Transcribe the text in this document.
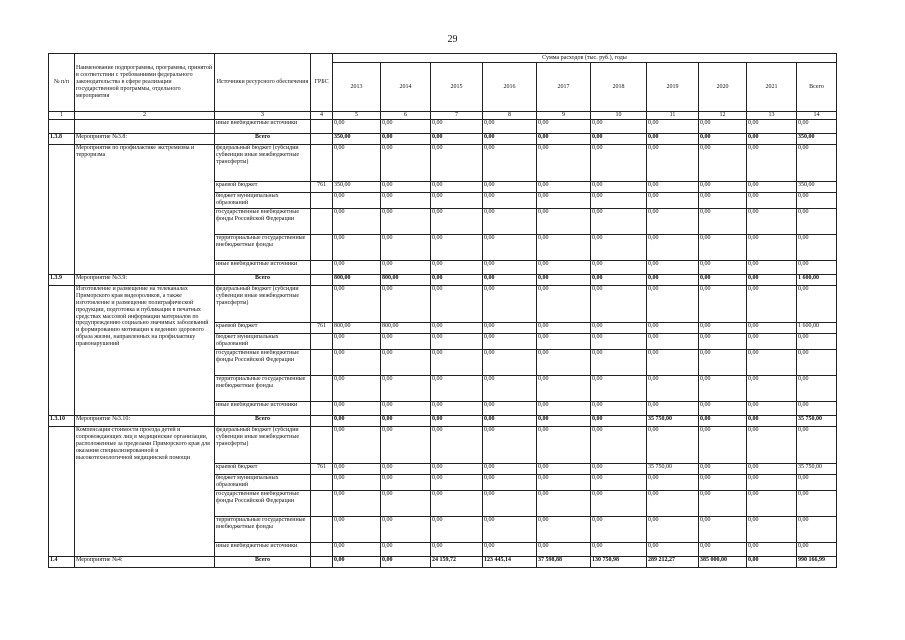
29
№ п/п	Наименование подпрограммы, программы, принятой в соответствии с требованиями федерального законодательства в сфере реализации государственной программы, отдельного мероприятия	Источники ресурсного обеспечения	ГРБС	Сумма расходов (тыс. руб.), годы									
				2013	2014	2015	2016	2017	2018	2019	2020	2021	Всего
1	2	3	4	5	6	7	8	9	10	11	12	13	14
		иные внебюджетные источники		0,00	0,00	0,00	0,00	0,00	0,00	0,00	0,00	0,00	0,00
1.3.8	Мероприятие №3.8:	Всего		350,00	0,00	0,00	0,00	0,00	0,00	0,00	0,00	0,00	350,00
	Мероприятия по профилактике экстремизма и терроризма	федеральный бюджет (субсидии субвенции иные межбюджетные трансферты)		0,00	0,00	0,00	0,00	0,00	0,00	0,00	0,00	0,00	0,00
		краевой бюджет	761	350,00	0,00	0,00	0,00	0,00	0,00	0,00	0,00	0,00	350,00
		бюджет муниципальных образований		0,00	0,00	0,00	0,00	0,00	0,00	0,00	0,00	0,00	0,00
		государственные внебюджетные фонды Российской Федерации		0,00	0,00	0,00	0,00	0,00	0,00	0,00	0,00	0,00	0,00
		территориальные государственные внебюджетные фонды		0,00	0,00	0,00	0,00	0,00	0,00	0,00	0,00	0,00	0,00
		иные внебюджетные источники		0,00	0,00	0,00	0,00	0,00	0,00	0,00	0,00	0,00	0,00
1.3.9	Мероприятие №3.9:	Всего		800,00	800,00	0,00	0,00	0,00	0,00	0,00	0,00	0,00	1 600,00
	Изготовление и размещение на телеканалах Приморского края видеороликов, а также изготовление и размещение полиграфической продукции, подготовка и публикация в печатных средствах массовой информации материалов по предупреждению социально значимых заболеваний и формированию мотивации к ведению здорового образа жизни, направленных на профилактику правонарушений	федеральный бюджет (субсидии субвенции иные межбюджетные трансферты)		0,00	0,00	0,00	0,00	0,00	0,00	0,00	0,00	0,00	0,00
		краевой бюджет	761	800,00	800,00	0,00	0,00	0,00	0,00	0,00	0,00	0,00	1 600,00
		бюджет муниципальных образований		0,00	0,00	0,00	0,00	0,00	0,00	0,00	0,00	0,00	0,00
		государственные внебюджетные фонды Российской Федерации		0,00	0,00	0,00	0,00	0,00	0,00	0,00	0,00	0,00	0,00
		территориальные государственные внебюджетные фонды		0,00	0,00	0,00	0,00	0,00	0,00	0,00	0,00	0,00	0,00
		иные внебюджетные источники		0,00	0,00	0,00	0,00	0,00	0,00	0,00	0,00	0,00	0,00
1.3.10	Мероприятие №3.10:	Всего		0,00	0,00	0,00	0,00	0,00	0,00	35 750,00	0,00	0,00	35 750,00
	Компенсация стоимости проезда детей и сопровождающих лиц в медицинские организации, расположенные за пределами Приморского края для оказания специализированной и высокотехнологичной медицинской помощи	федеральный бюджет (субсидии субвенции иные межбюджетные трансферты)		0,00	0,00	0,00	0,00	0,00	0,00	0,00	0,00	0,00	0,00
		краевой бюджет	761	0,00	0,00	0,00	0,00	0,00	0,00	35 750,00	0,00	0,00	35 750,00
		бюджет муниципальных образований		0,00	0,00	0,00	0,00	0,00	0,00	0,00	0,00	0,00	0,00
		государственные внебюджетные фонды Российской Федерации		0,00	0,00	0,00	0,00	0,00	0,00	0,00	0,00	0,00	0,00
		территориальные государственные внебюджетные фонды		0,00	0,00	0,00	0,00	0,00	0,00	0,00	0,00	0,00	0,00
		иные внебюджетные источники		0,00	0,00	0,00	0,00	0,00	0,00	0,00	0,00	0,00	0,00
1.4	Мероприятие №4:	Всего		0,00	0,00	24 159,72	123 445,14	37 598,88	130 750,98	289 212,27	385 000,00	0,00	990 166,99
